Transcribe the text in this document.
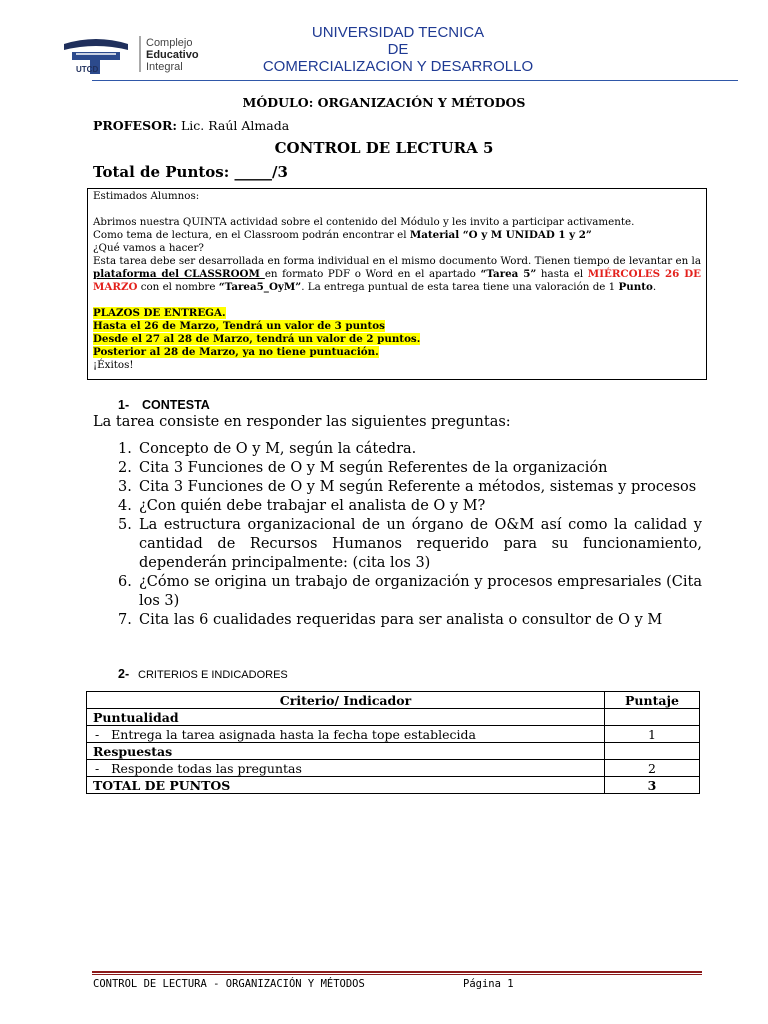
UTCD
Complejo
Educativo
Integral
UNIVERSIDAD TECNICA
DE
COMERCIALIZACION Y DESARROLLO
MÓDULO: ORGANIZACIÓN Y MÉTODOS
PROFESOR: Lic. Raúl Almada
CONTROL DE LECTURA 5
Total de Puntos: _____/3

Estimados Alumnos:

Abrimos nuestra QUINTA actividad sobre el contenido del Módulo y les invito a participar activamente.

Como tema de lectura, en el Classroom podrán encontrar el Material “O y M UNIDAD 1 y 2”

¿Qué vamos a hacer?

Esta tarea debe ser desarrollada en forma individual en el mismo documento Word. Tienen tiempo de levantar en la plataforma del CLASSROOM en formato PDF o Word en el apartado “Tarea 5” hasta el MIÉRCOLES 26 DE MARZO con el nombre “Tarea5_OyM”. La entrega puntual de esta tarea tiene una valoración de 1 Punto.

PLAZOS DE ENTREGA.

Hasta el 26 de Marzo, Tendrá un valor de 3 puntos

Desde el 27 al 28 de Marzo, tendrá un valor de 2 puntos.

Posterior al 28 de Marzo, ya no tiene puntuación.

¡Éxitos!

1- CONTESTA
La tarea consiste en responder las siguientes preguntas:
1. Concepto de O y M, según la cátedra.
2. Cita 3 Funciones de O y M según Referentes de la organización
3. Cita 3 Funciones de O y M según Referente a métodos, sistemas y procesos
4. ¿Con quién debe trabajar el analista de O y M?
5. La estructura organizacional de un órgano de O&M así como la calidad y cantidad de Recursos Humanos requerido para su funcionamiento, dependerán principalmente: (cita los 3)
6. ¿Cómo se origina un trabajo de organización y procesos empresariales (Cita los 3)
7. Cita las 6 cualidades requeridas para ser analista o consultor de O y M
2- CRITERIOS E INDICADORES
Criterio/ Indicador	Puntaje
Puntualidad	
-   Entrega la tarea asignada hasta la fecha tope establecida	1
Respuestas	
-   Responde todas las preguntas	2
TOTAL DE PUNTOS	3
CONTROL DE LECTURA - ORGANIZACIÓN Y MÉTODOS	Página 1
